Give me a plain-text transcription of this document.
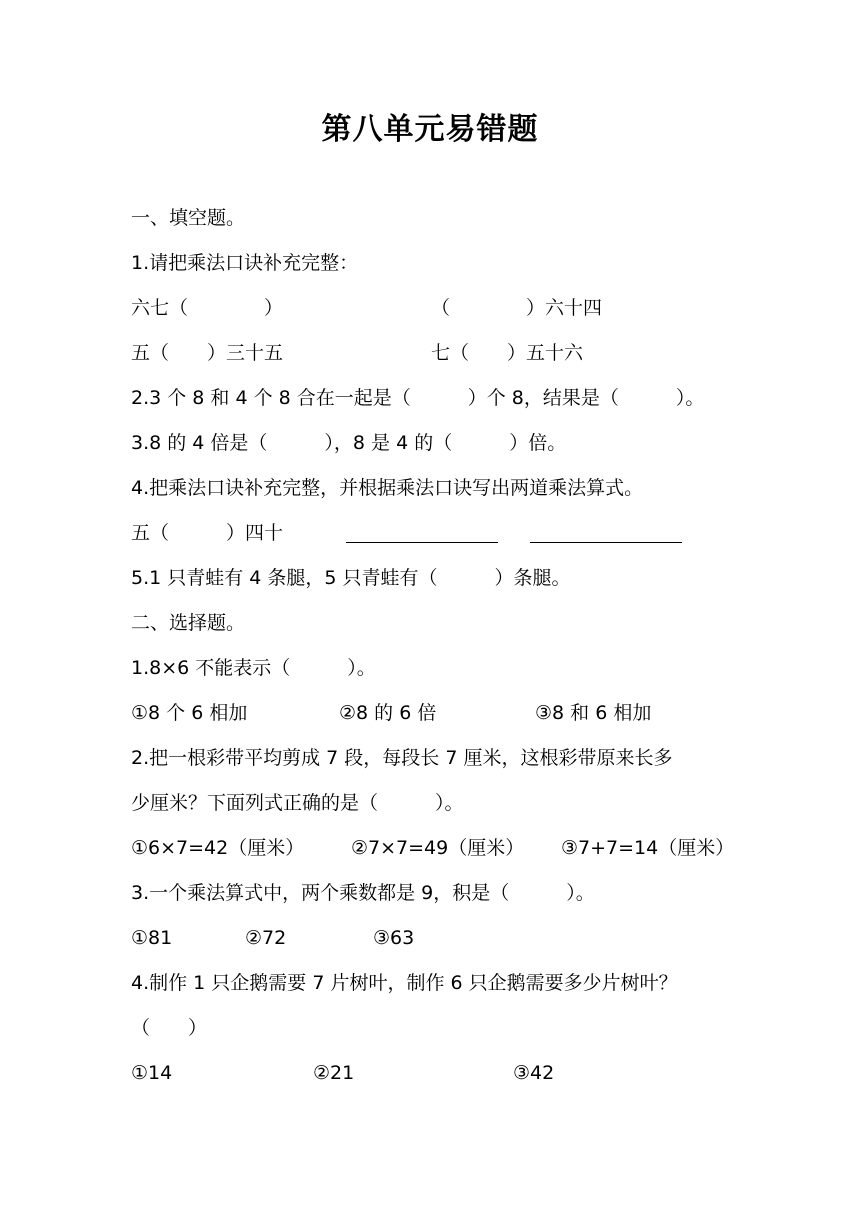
第八单元易错题
一、填空题。
1.请把乘法口诀补充完整：
六七（　　　　）	（　　　　）六十四
五（　　）三十五	七（　　）五十六
2.3 个 8 和 4 个 8 合在一起是（　　　）个 8，结果是（　　　）。
3.8 的 4 倍是（　　　），8 是 4 的（　　　）倍。
4.把乘法口诀补充完整，并根据乘法口诀写出两道乘法算式。
五（　　　）四十
5.1 只青蛙有 4 条腿，5 只青蛙有（　　　）条腿。
二、选择题。
1.8×6 不能表示（　　　）。
①8 个 6 相加	②8 的 6 倍	③8 和 6 相加
2.把一根彩带平均剪成 7 段，每段长 7 厘米，这根彩带原来长多
少厘米？下面列式正确的是（　　　）。
①6×7=42（厘米） ②7×7=49（厘米） ③7+7=14（厘米）
3.一个乘法算式中，两个乘数都是 9，积是（　　　）。
①81	②72	③63
4.制作 1 只企鹅需要 7 片树叶，制作 6 只企鹅需要多少片树叶？
（　　）
①14	②21	③42
